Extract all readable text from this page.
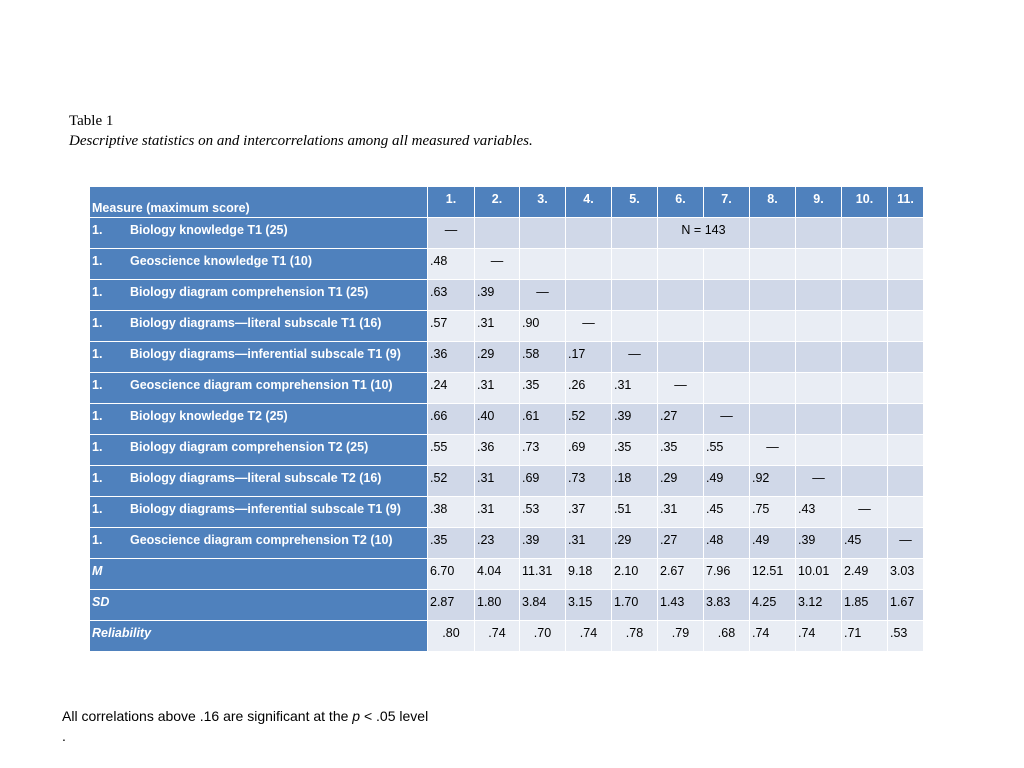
Table 1
Descriptive statistics on and intercorrelations among all measured variables.
Measure (maximum score)	1.	2.	3.	4.	5.	6.	7.	8.	9.	10.	11.
1. Biology knowledge T1 (25)	—					N = 143					
1. Geoscience knowledge T1 (10)	.48	—									
1. Biology diagram comprehension T1 (25)	.63	.39	—								
1. Biology diagrams—literal subscale T1 (16)	.57	.31	.90	—							
1. Biology diagrams—inferential subscale T1 (9)	.36	.29	.58	.17	—						
1. Geoscience diagram comprehension T1 (10)	.24	.31	.35	.26	.31	—					
1. Biology knowledge T2 (25)	.66	.40	.61	.52	.39	.27	—				
1. Biology diagram comprehension T2 (25)	.55	.36	.73	.69	.35	.35	.55	—			
1. Biology diagrams—literal subscale T2 (16)	.52	.31	.69	.73	.18	.29	.49	.92	—		
1. Biology diagrams—inferential subscale T1 (9)	.38	.31	.53	.37	.51	.31	.45	.75	.43	—	
1. Geoscience diagram comprehension T2 (10)	.35	.23	.39	.31	.29	.27	.48	.49	.39	.45	—
M	6.70	4.04	11.31	9.18	2.10	2.67	7.96	12.51	10.01	2.49	3.03
SD	2.87	1.80	3.84	3.15	1.70	1.43	3.83	4.25	3.12	1.85	1.67
Reliability	.80	.74	.70	.74	.78	.79	.68	.74	.74	.71	.53
All correlations above .16 are significant at the p < .05 level
.
